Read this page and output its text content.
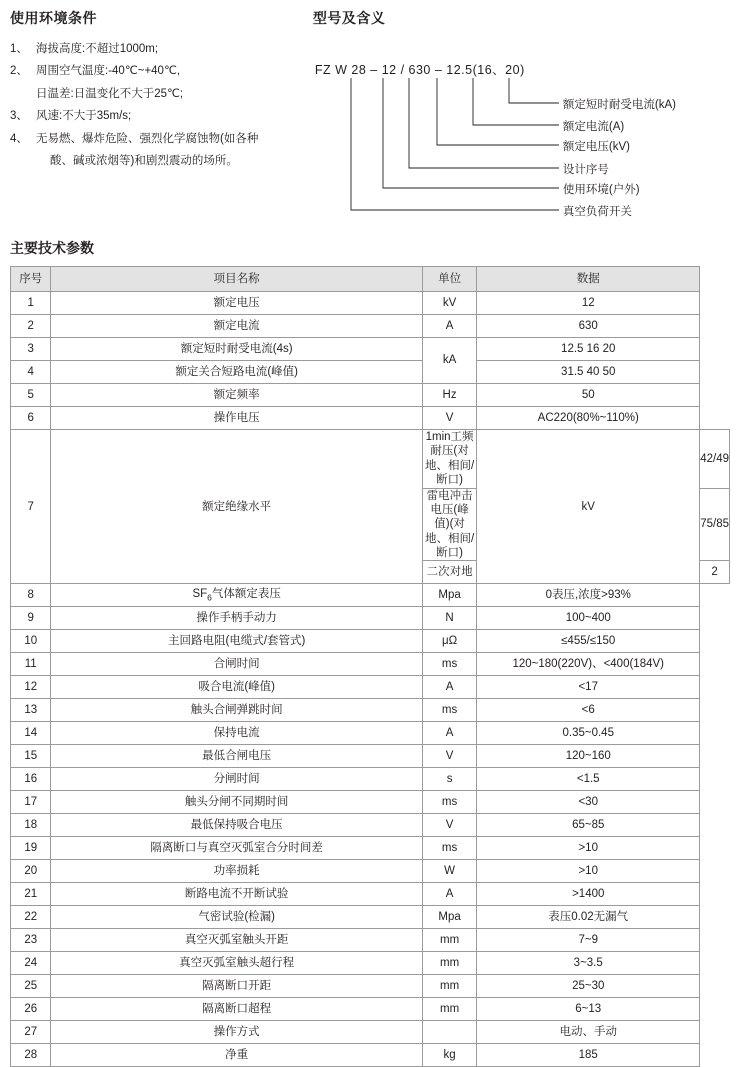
使用环境条件
1、 海拔高度:不超过1000m;
2、 周围空气温度:-40℃~+40℃,
日温差:日温变化不大于25℃;
3、 风速:不大于35m/s;
4、 无易燃、爆炸危险、强烈化学腐蚀物(如各种
酸、碱或浓烟等)和剧烈震动的场所。
型号及含义
FZ W 28 – 12 / 630 – 12.5(16、20)
额定短时耐受电流(kA)
额定电流(A)
额定电压(kV)
设计序号
使用环境(户外)
真空负荷开关
主要技术参数
序号	项目名称	单位	数据	
1	额定电压	kV	12	
2	额定电流	A	630	
3	额定短时耐受电流(4s)	kA	12.5 16 20	
4	额定关合短路电流(峰值)		31.5 40 50	
5	额定频率	Hz	50	
6	操作电压	V	AC220(80%~110%)	
7	额定绝缘水平	1min工频耐压(对地、相间/断口)	kV	42/49
		雷电冲击电压(峰值)(对地、相间/断口)		75/85
		二次对地		2
8	$SF_6$气体额定表压	Mpa	0表压,浓度>93%	
9	操作手柄手动力	N	100~400	
10	主回路电阻(电缆式/套管式)	μΩ	≤455/≤150	
11	合闸时间	ms	120~180(220V)、<400(184V)	
12	吸合电流(峰值)	A	<17	
13	触头合闸弹跳时间	ms	<6	
14	保持电流	A	0.35~0.45	
15	最低合闸电压	V	120~160	
16	分闸时间	s	<1.5	
17	触头分闸不同期时间	ms	<30	
18	最低保持吸合电压	V	65~85	
19	隔离断口与真空灭弧室合分时间差	ms	>10	
20	功率损耗	W	>10	
21	断路电流不开断试验	A	>1400	
22	气密试验(检漏)	Mpa	表压0.02无漏气	
23	真空灭弧室触头开距	mm	7~9	
24	真空灭弧室触头超行程	mm	3~3.5	
25	隔离断口开距	mm	25~30	
26	隔离断口超程	mm	6~13	
27	操作方式		电动、手动	
28	净重	kg	185	
